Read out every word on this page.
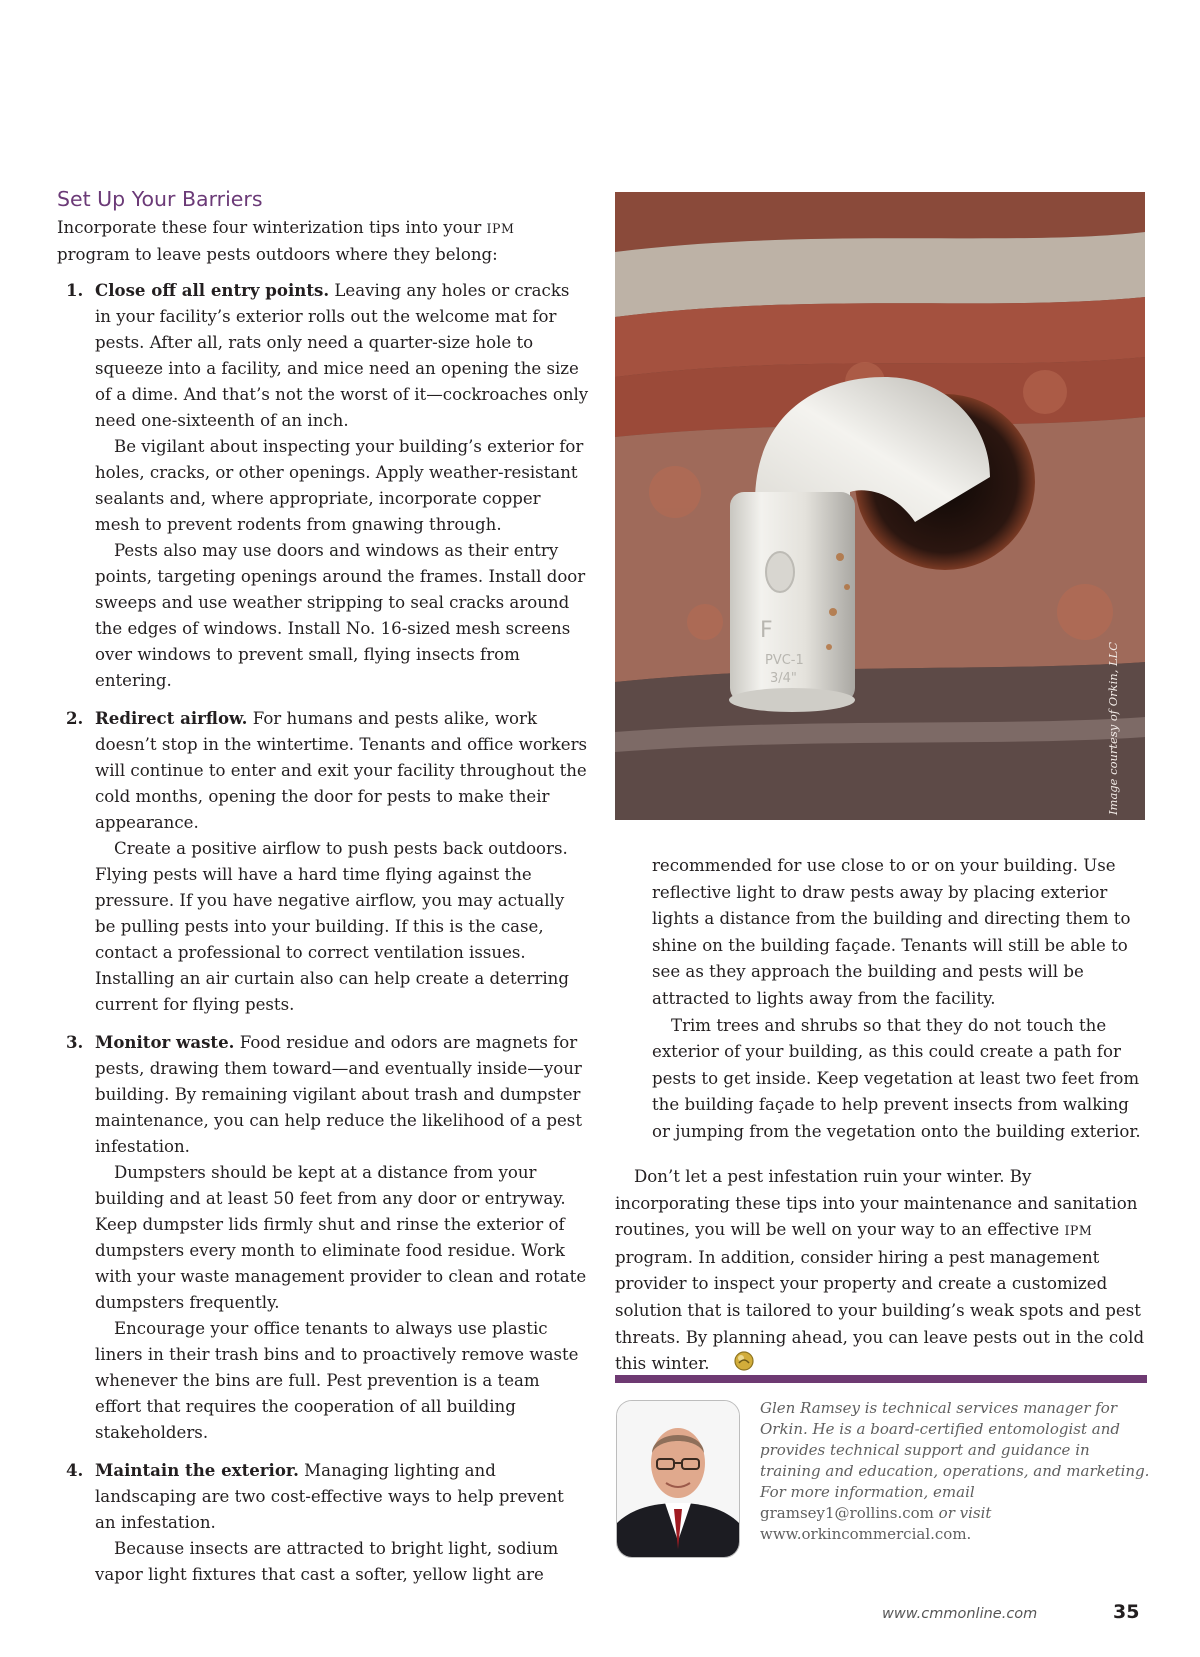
Set Up Your Barriers

Incorporate these four winterization tips into your IPM program to leave pests outdoors where they belong:

1. Close off all entry points. Leaving any holes or cracks in your facility’s exterior rolls out the welcome mat for pests. After all, rats only need a quarter-size hole to squeeze into a facility, and mice need an opening the size of a dime. And that’s not the worst of it—cockroaches only need one-sixteenth of an inch.

Be vigilant about inspecting your building’s exterior for holes, cracks, or other openings. Apply weather-resistant sealants and, where appropriate, incorporate copper mesh to prevent rodents from gnawing through.

Pests also may use doors and windows as their entry points, targeting openings around the frames. Install door sweeps and use weather stripping to seal cracks around the edges of windows. Install No. 16-sized mesh screens over windows to prevent small, flying insects from entering.

2. Redirect airflow. For humans and pests alike, work doesn’t stop in the wintertime. Tenants and office workers will continue to enter and exit your facility throughout the cold months, opening the door for pests to make their appearance.

Create a positive airflow to push pests back outdoors. Flying pests will have a hard time flying against the pressure. If you have negative airflow, you may actually be pulling pests into your building. If this is the case, contact a professional to correct ventilation issues. Installing an air curtain also can help create a deterring current for flying pests.

3. Monitor waste. Food residue and odors are magnets for pests, drawing them toward—and eventually inside—your building. By remaining vigilant about trash and dumpster maintenance, you can help reduce the likelihood of a pest infestation.

Dumpsters should be kept at a distance from your building and at least 50 feet from any door or entryway. Keep dumpster lids firmly shut and rinse the exterior of dumpsters every month to eliminate food residue. Work with your waste management provider to clean and rotate dumpsters frequently.

Encourage your office tenants to always use plastic liners in their trash bins and to proactively remove waste whenever the bins are full. Pest prevention is a team effort that requires the cooperation of all building stakeholders.

4. Maintain the exterior. Managing lighting and landscaping are two cost-effective ways to help prevent an infestation.

Because insects are attracted to bright light, sodium vapor light fixtures that cast a softer, yellow light are

F
PVC-1
3/4"	Image courtesy of Orkin, LLC

recommended for use close to or on your building. Use reflective light to draw pests away by placing exterior lights a distance from the building and directing them to shine on the building façade. Tenants will still be able to see as they approach the building and pests will be attracted to lights away from the facility.

Trim trees and shrubs so that they do not touch the exterior of your building, as this could create a path for pests to get inside. Keep vegetation at least two feet from the building façade to help prevent insects from walking or jumping from the vegetation onto the building exterior.

Don’t let a pest infestation ruin your winter. By incorporating these tips into your maintenance and sanitation routines, you will be well on your way to an effective IPM program. In addition, consider hiring a pest management provider to inspect your property and create a customized solution that is tailored to your building’s weak spots and pest threats. By planning ahead, you can leave pests out in the cold this winter.

Glen Ramsey is technical services manager for Orkin. He is a board-certified entomologist and provides technical support and guidance in training and education, operations, and marketing. For more information, email gramsey1@rollins.com or visit www.orkincommercial.com.

www.cmmonline.com	35
